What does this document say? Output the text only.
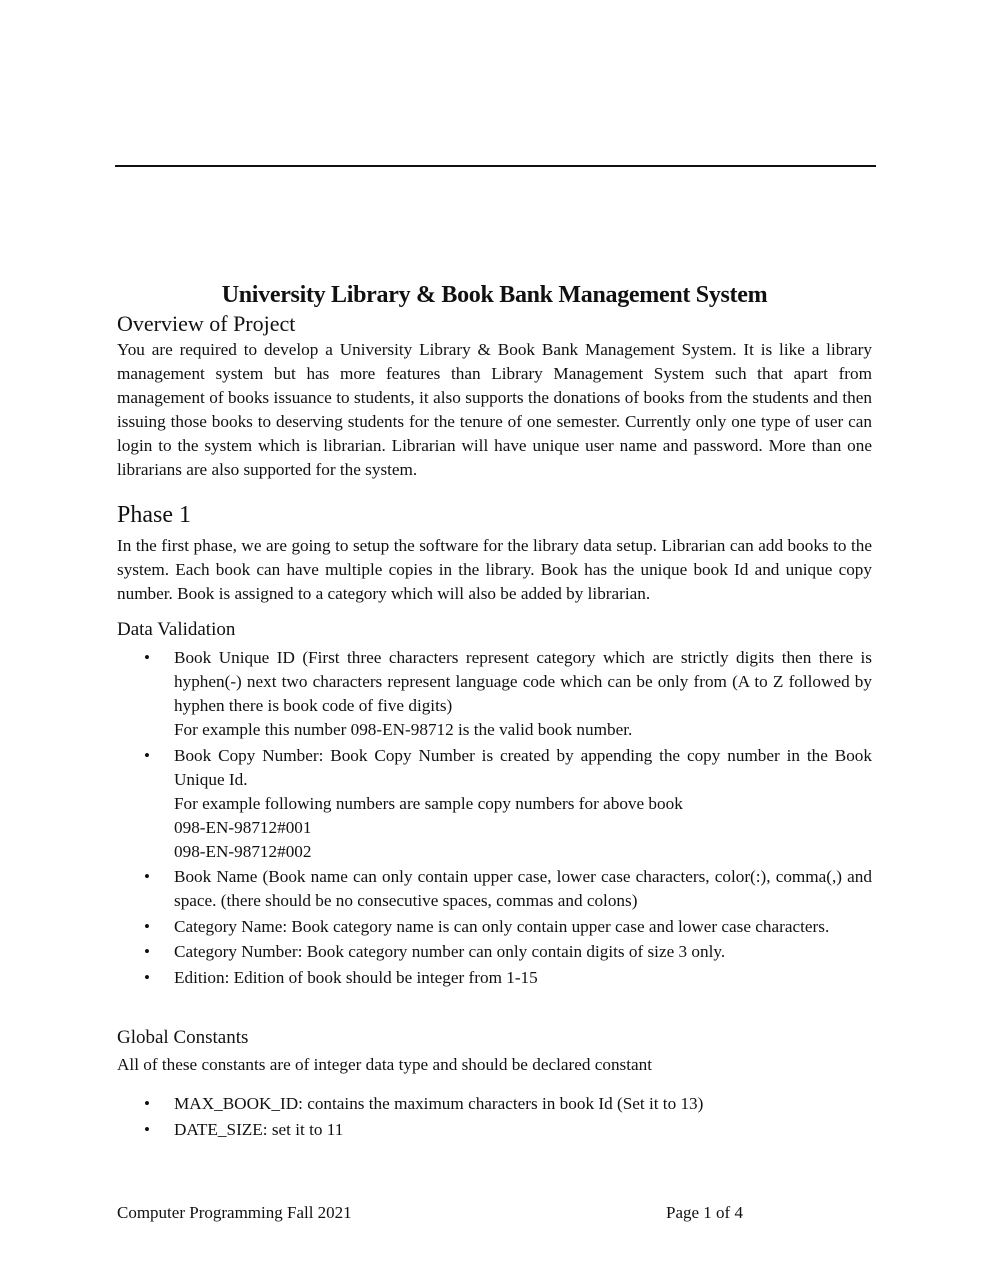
University Library & Book Bank Management System
Overview of Project

You are required to develop a University Library & Book Bank Management System. It is like a library management system but has more features than Library Management System such that apart from management of books issuance to students, it also supports the donations of books from the students and then issuing those books to deserving students for the tenure of one semester. Currently only one type of user can login to the system which is librarian. Librarian will have unique user name and password. More than one librarians are also supported for the system.

Phase 1

In the first phase, we are going to setup the software for the library data setup. Librarian can add books to the system. Each book can have multiple copies in the library. Book has the unique book Id and unique copy number. Book is assigned to a category which will also be added by librarian.

Data Validation
• Book Unique ID (First three characters represent category which are strictly digits then there is hyphen(-) next two characters represent language code which can be only from (A to Z followed by hyphen there is book code of five digits)
For example this number 098-EN-98712 is the valid book number.
• Book Copy Number: Book Copy Number is created by appending the copy number in the Book Unique Id.
For example following numbers are sample copy numbers for above book
098-EN-98712#001
098-EN-98712#002
• Book Name (Book name can only contain upper case, lower case characters, color(:), comma(,) and space. (there should be no consecutive spaces, commas and colons)
• Category Name: Book category name is can only contain upper case and lower case characters.
• Category Number: Book category number can only contain digits of size 3 only.
• Edition: Edition of book should be integer from 1-15
Global Constants

All of these constants are of integer data type and should be declared constant

• MAX_BOOK_ID: contains the maximum characters in book Id (Set it to 13)
• DATE_SIZE: set it to 11
Computer Programming Fall 2021	Page 1 of 4
